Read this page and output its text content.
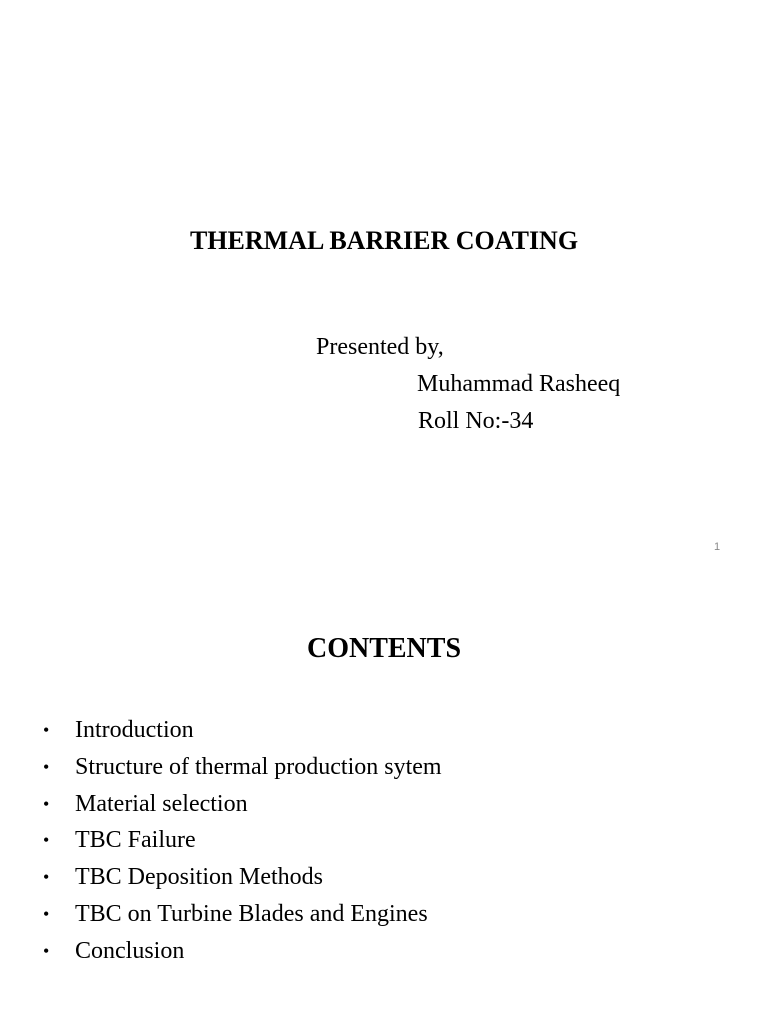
THERMAL BARRIER COATING
Presented by,
Muhammad Rasheeq
Roll No:-34
1
CONTENTS
• Introduction
• Structure of thermal production sytem
• Material selection
• TBC Failure
• TBC Deposition Methods
• TBC on Turbine Blades and Engines
• Conclusion
